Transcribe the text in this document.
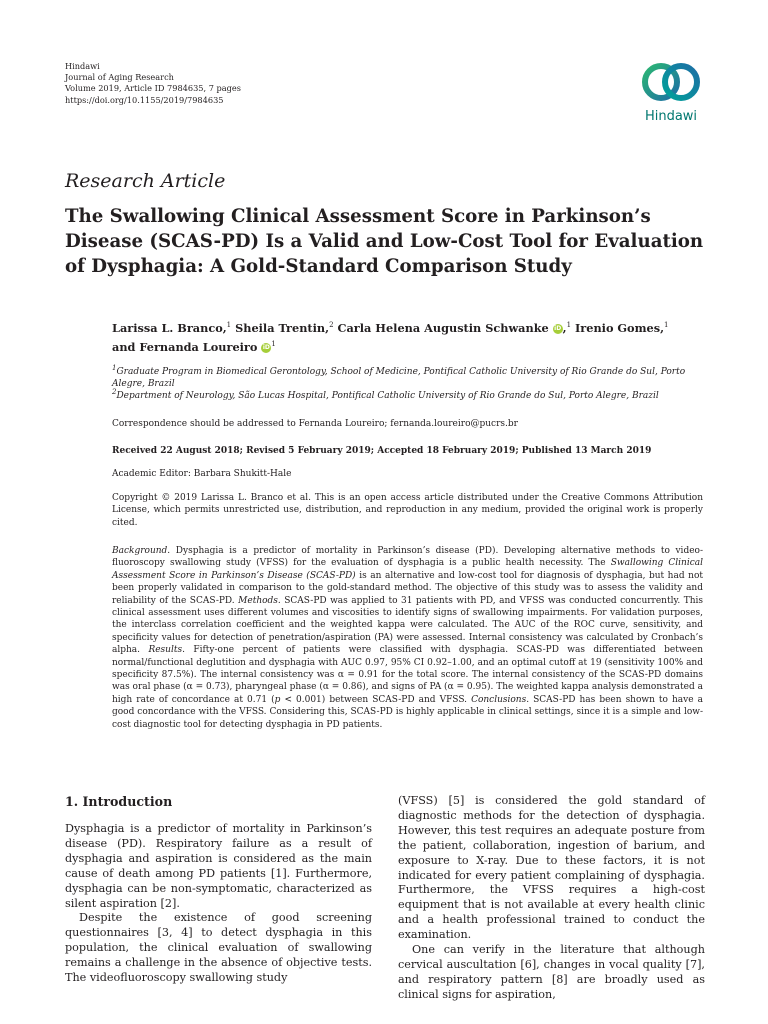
Hindawi
Journal of Aging Research
Volume 2019, Article ID 7984635, 7 pages
https://doi.org/10.1155/2019/7984635
Hindawi
Research Article
The Swallowing Clinical Assessment Score in Parkinson’s Disease (SCAS-PD) Is a Valid and Low-Cost Tool for Evaluation of Dysphagia: A Gold-Standard Comparison Study
Larissa L. Branco,$^1$ Sheila Trentin,$^2$ Carla Helena Augustin Schwanke iD,$^1$ Irenio Gomes,$^1$
and Fernanda Loureiro $iD^1$
$^1$Graduate Program in Biomedical Gerontology, School of Medicine, Pontifical Catholic University of Rio Grande do Sul, Porto Alegre, Brazil
$^2$Department of Neurology, São Lucas Hospital, Pontifical Catholic University of Rio Grande do Sul, Porto Alegre, Brazil
Correspondence should be addressed to Fernanda Loureiro; fernanda.loureiro@pucrs.br
Received 22 August 2018; Revised 5 February 2019; Accepted 18 February 2019; Published 13 March 2019
Academic Editor: Barbara Shukitt-Hale
Copyright © 2019 Larissa L. Branco et al. This is an open access article distributed under the Creative Commons Attribution License, which permits unrestricted use, distribution, and reproduction in any medium, provided the original work is properly cited.
Background. Dysphagia is a predictor of mortality in Parkinson’s disease (PD). Developing alternative methods to video-fluoroscopy swallowing study (VFSS) for the evaluation of dysphagia is a public health necessity. The Swallowing Clinical Assessment Score in Parkinson’s Disease (SCAS-PD) is an alternative and low-cost tool for diagnosis of dysphagia, but had not been properly validated in comparison to the gold-standard method. The objective of this study was to assess the validity and reliability of the SCAS-PD. Methods. SCAS-PD was applied to 31 patients with PD, and VFSS was conducted concurrently. This clinical assessment uses different volumes and viscosities to identify signs of swallowing impairments. For validation purposes, the interclass correlation coefficient and the weighted kappa were calculated. The AUC of the ROC curve, sensitivity, and specificity values for detection of penetration/aspiration (PA) were assessed. Internal consistency was calculated by Cronbach’s alpha. Results. Fifty-one percent of patients were classified with dysphagia. SCAS-PD was differentiated between normal/functional deglutition and dysphagia with AUC 0.97, 95% CI 0.92–1.00, and an optimal cutoff at 19 (sensitivity 100% and specificity 87.5%). The internal consistency was α = 0.91 for the total score. The internal consistency of the SCAS-PD domains was oral phase (α = 0.73), pharyngeal phase (α = 0.86), and signs of PA (α = 0.95). The weighted kappa analysis demonstrated a high rate of concordance at 0.71 (p < 0.001) between SCAS-PD and VFSS. Conclusions. SCAS-PD has been shown to have a good concordance with the VFSS. Considering this, SCAS-PD is highly applicable in clinical settings, since it is a simple and low-cost diagnostic tool for detecting dysphagia in PD patients.
1. Introduction

Dysphagia is a predictor of mortality in Parkinson’s disease (PD). Respiratory failure as a result of dysphagia and aspiration is considered as the main cause of death among PD patients [1]. Furthermore, dysphagia can be non-symptomatic, characterized as silent aspiration [2].

Despite the existence of good screening questionnaires [3, 4] to detect dysphagia in this population, the clinical evaluation of swallowing remains a challenge in the absence of objective tests. The videofluoroscopy swallowing study

(VFSS) [5] is considered the gold standard of diagnostic methods for the detection of dysphagia. However, this test requires an adequate posture from the patient, collaboration, ingestion of barium, and exposure to X-ray. Due to these factors, it is not indicated for every patient complaining of dysphagia. Furthermore, the VFSS requires a high-cost equipment that is not available at every health clinic and a health professional trained to conduct the examination.

One can verify in the literature that although cervical auscultation [6], changes in vocal quality [7], and respiratory pattern [8] are broadly used as clinical signs for aspiration,
